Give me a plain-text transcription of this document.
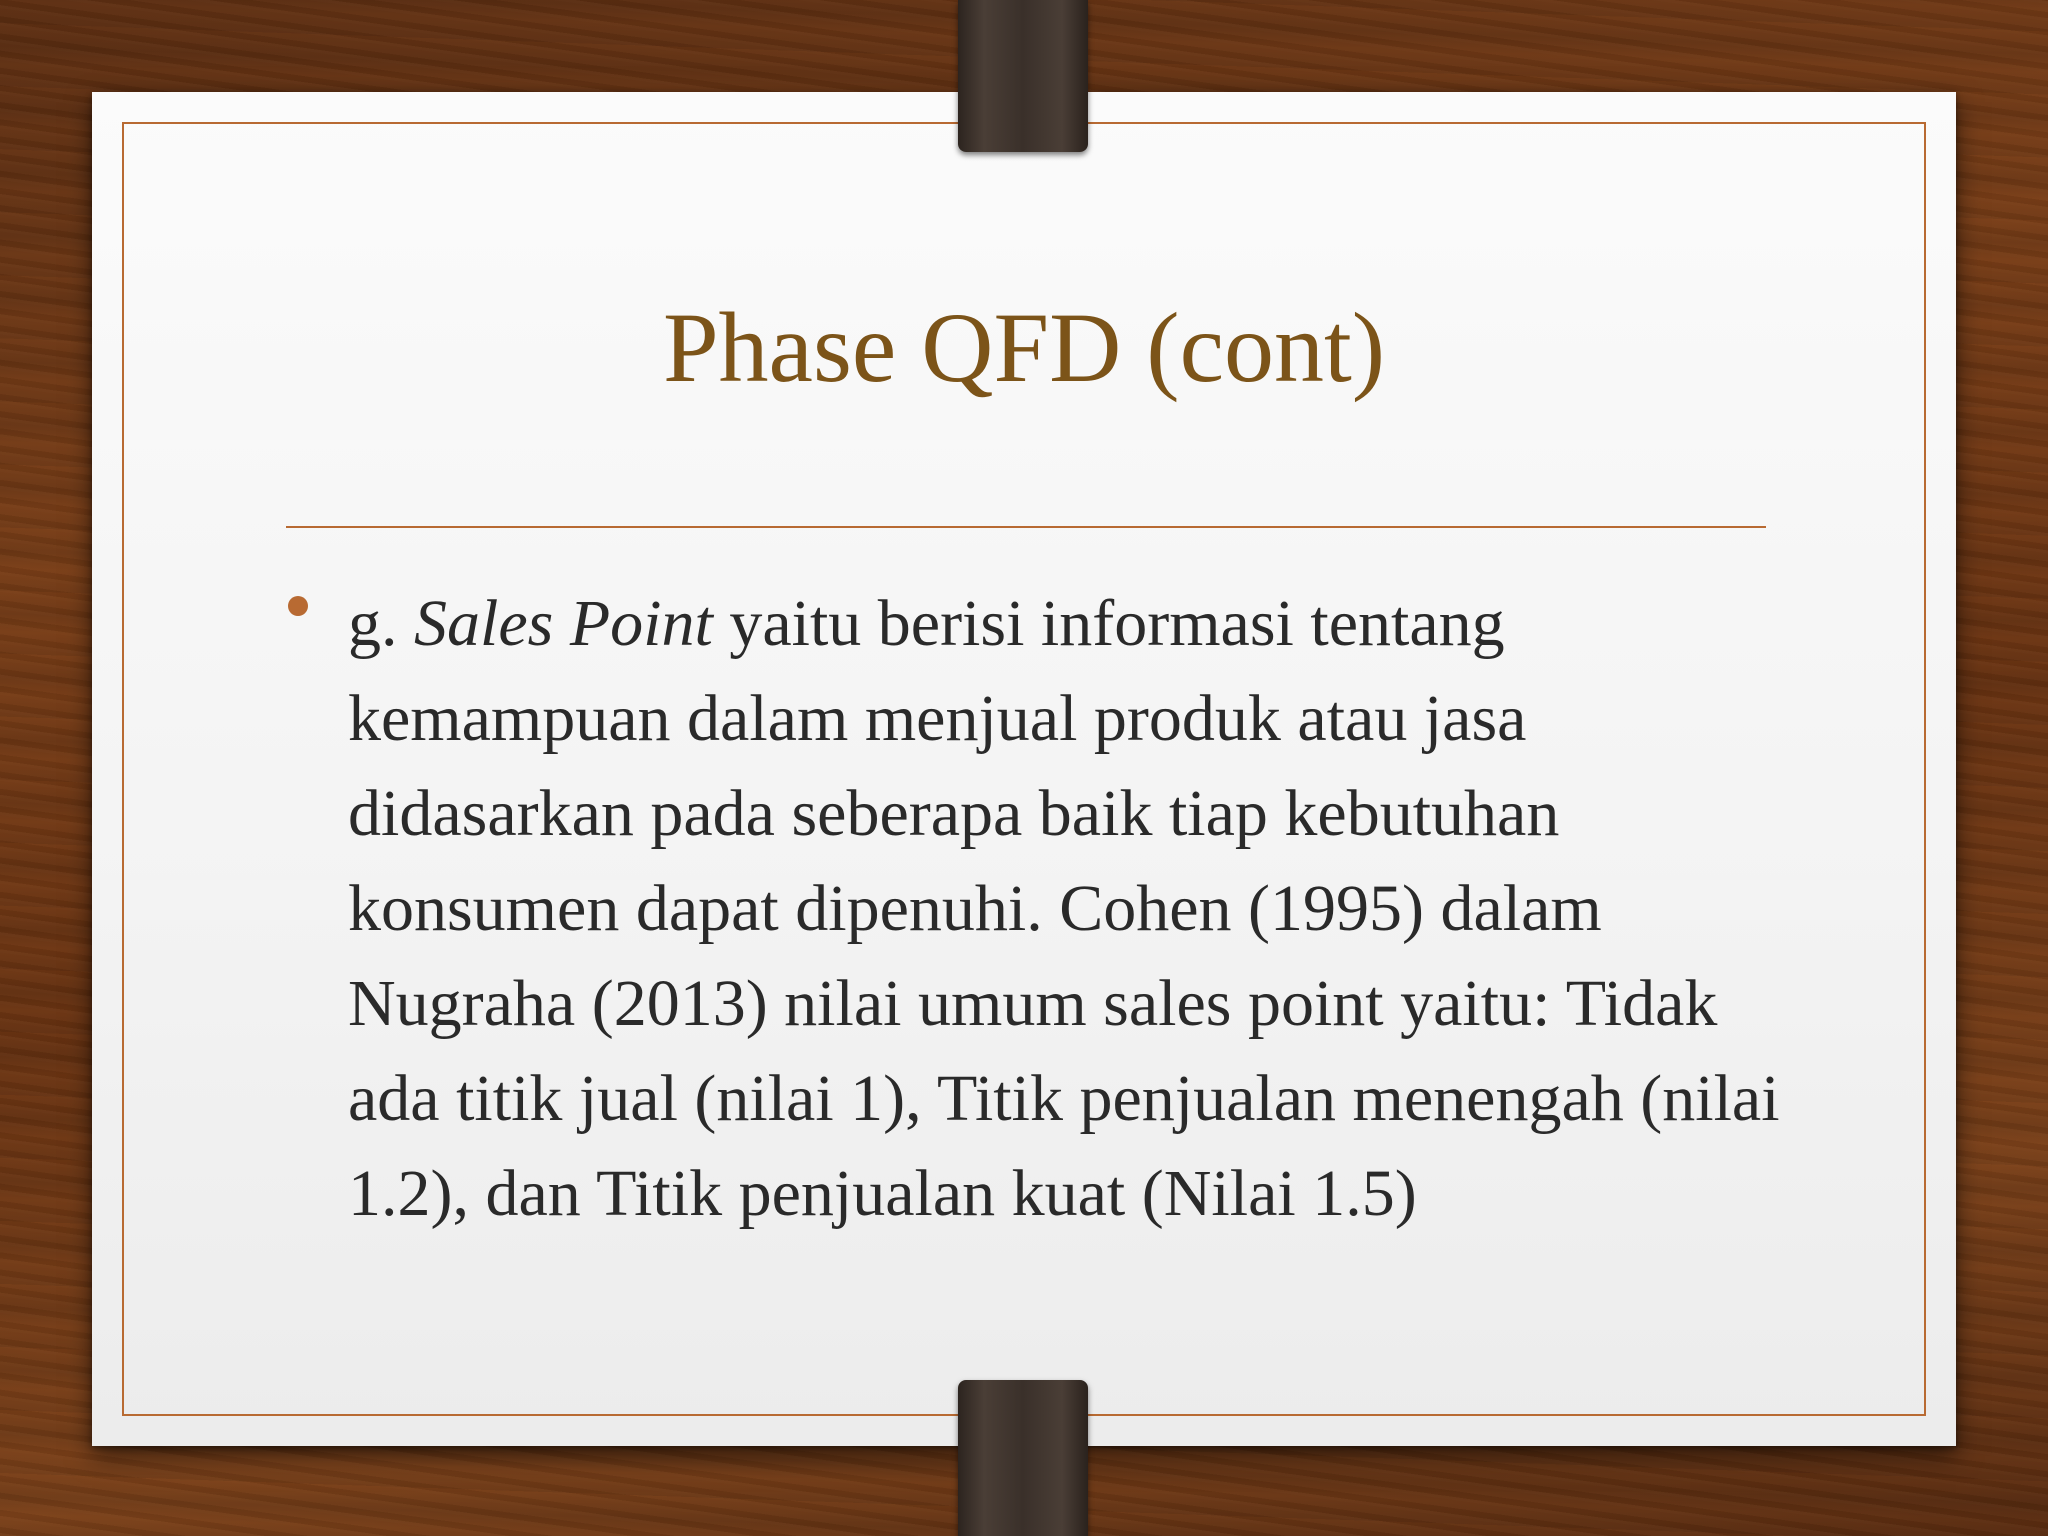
Phase QFD (cont)
g. Sales Point yaitu berisi informasi tentang kemampuan dalam menjual produk atau jasa didasarkan pada seberapa baik tiap kebutuhan konsumen dapat dipenuhi. Cohen (1995) dalam Nugraha (2013) nilai umum sales point yaitu: Tidak ada titik jual (nilai 1), Titik penjualan menengah (nilai 1.2), dan Titik penjualan kuat (Nilai 1.5)
